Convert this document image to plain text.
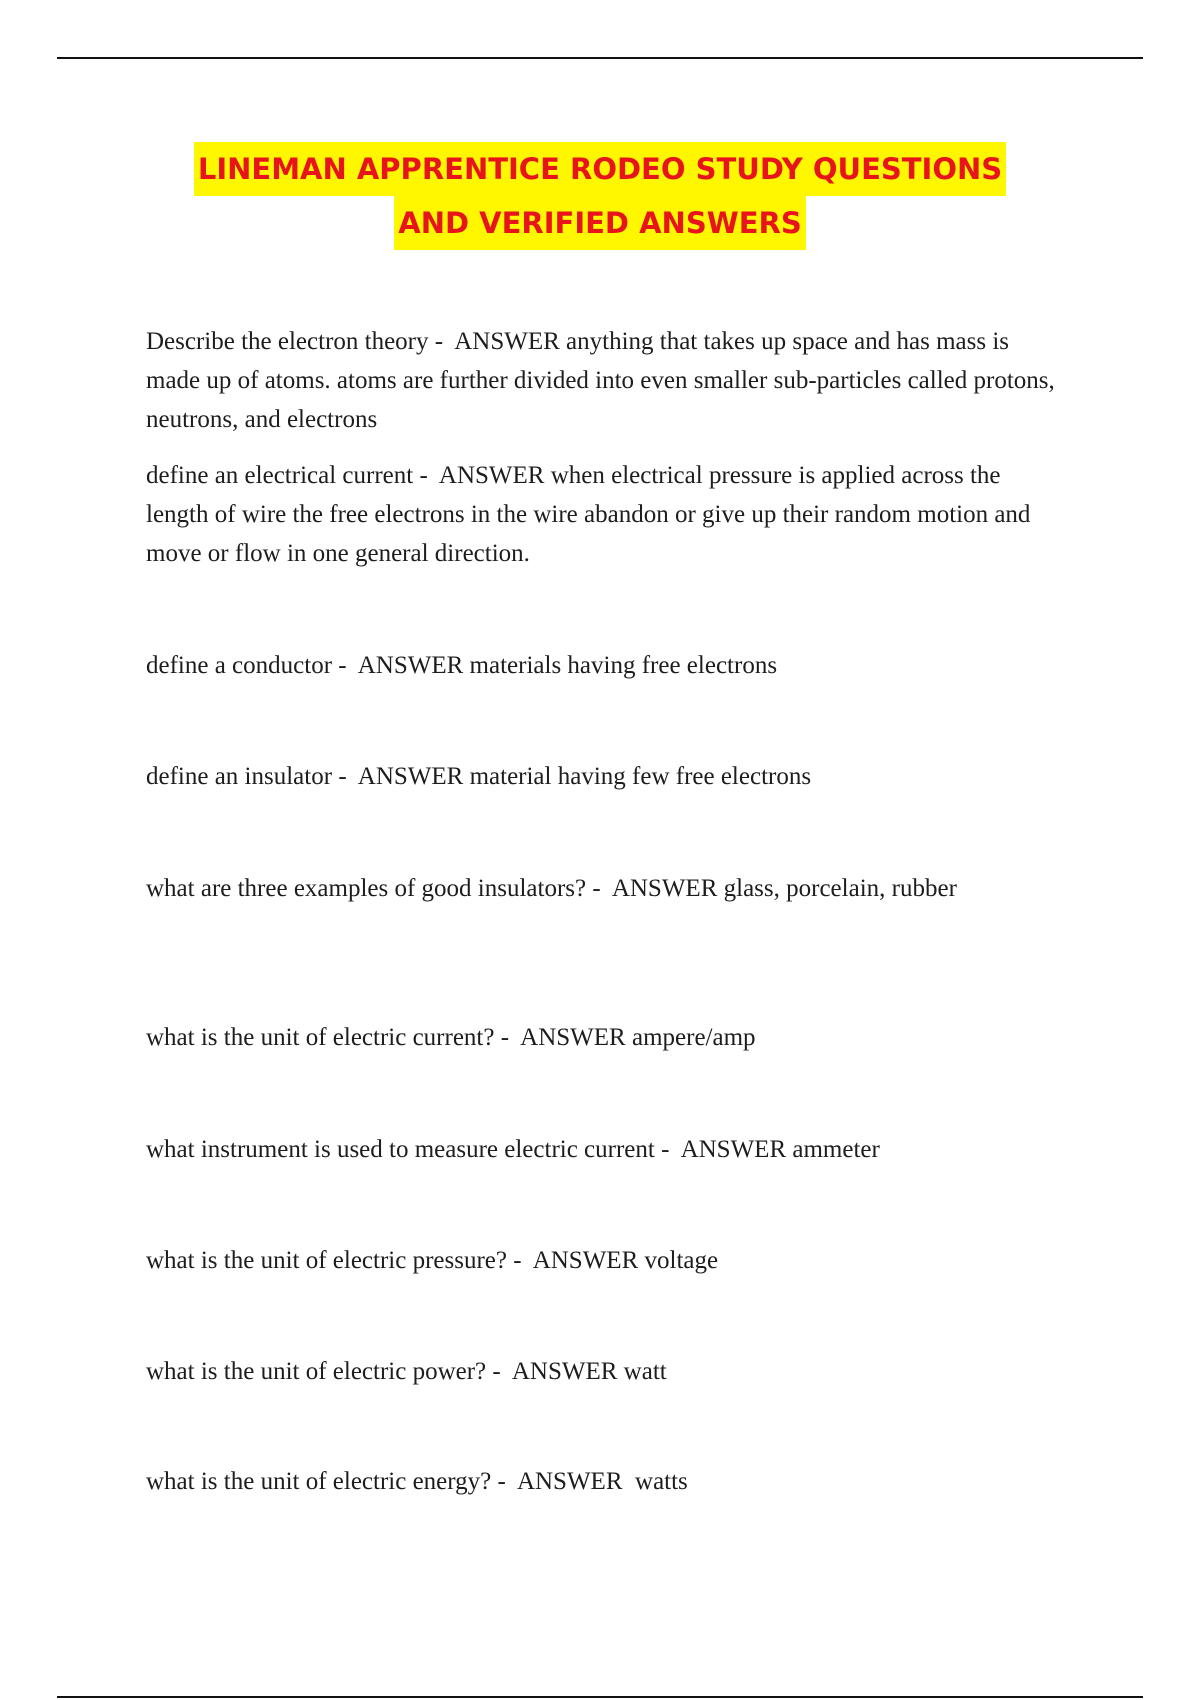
LINEMAN APPRENTICE RODEO STUDY QUESTIONS
AND VERIFIED ANSWERS

Describe the electron theory -  ANSWER anything that takes up space and has mass is made up of atoms. atoms are further divided into even smaller sub-particles called protons, neutrons, and electrons

define an electrical current -  ANSWER when electrical pressure is applied across the length of wire the free electrons in the wire abandon or give up their random motion and move or flow in one general direction.

define a conductor -  ANSWER materials having free electrons

define an insulator -  ANSWER material having few free electrons

what are three examples of good insulators? -  ANSWER glass, porcelain, rubber

what is the unit of electric current? -  ANSWER ampere/amp

what instrument is used to measure electric current -  ANSWER ammeter

what is the unit of electric pressure? -  ANSWER voltage

what is the unit of electric power? -  ANSWER watt

what is the unit of electric energy? -  ANSWER  watts
